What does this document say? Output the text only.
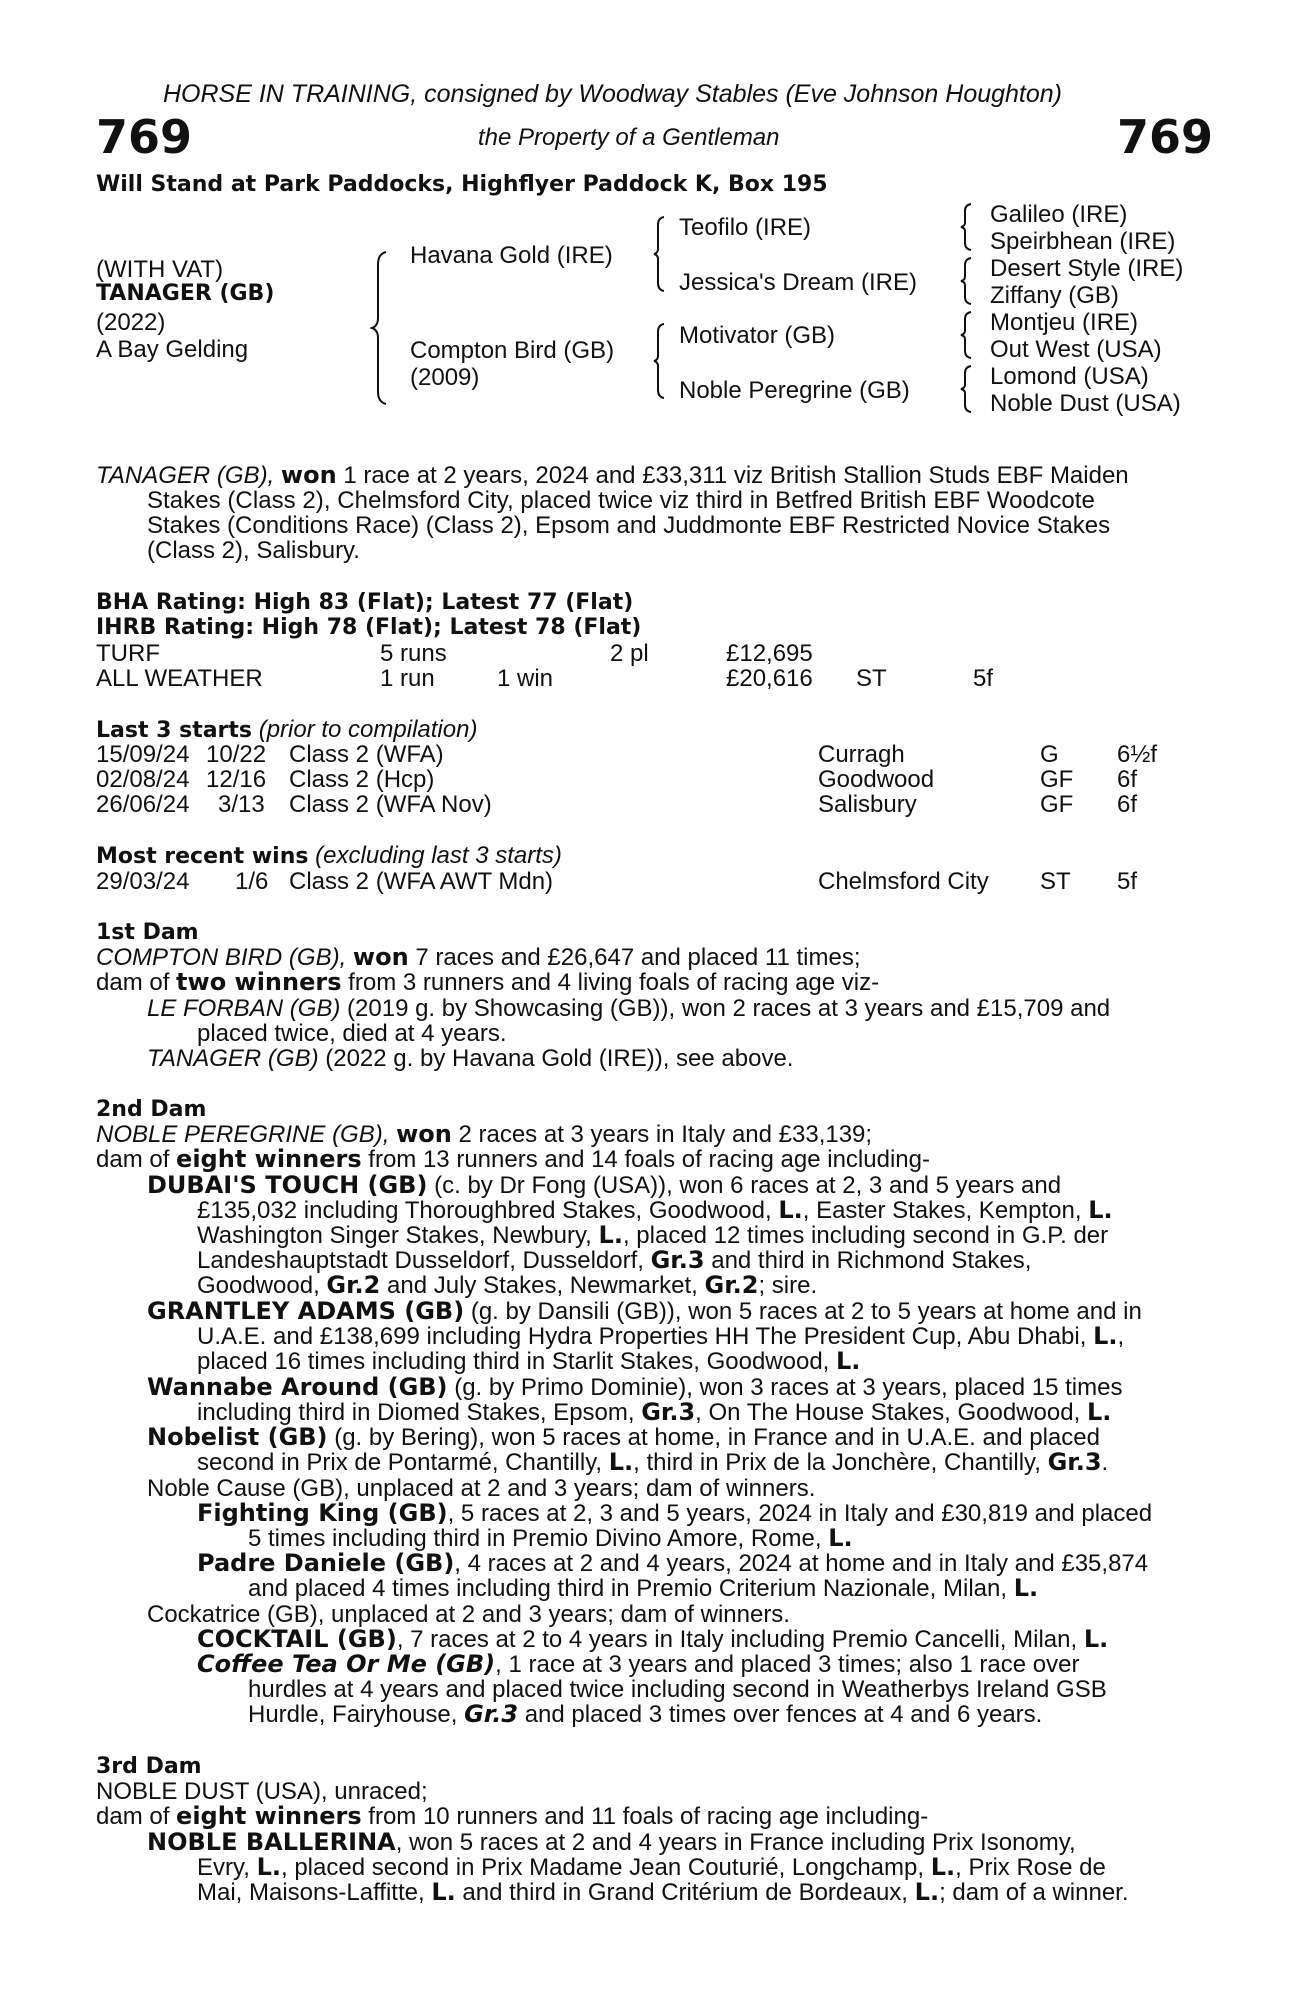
HORSE IN TRAINING, consigned by Woodway Stables (Eve Johnson Houghton)
769	the Property of a Gentleman	769
Will Stand at Park Paddocks, Highflyer Paddock K, Box 195
(WITH VAT)
TANAGER (GB)
(2022)
A Bay Gelding
Havana Gold (IRE)
Compton Bird (GB)
(2009)
Teofilo (IRE)
Jessica's Dream (IRE)
Motivator (GB)
Noble Peregrine (GB)
Galileo (IRE)
Speirbhean (IRE)
Desert Style (IRE)
Ziffany (GB)
Montjeu (IRE)
Out West (USA)
Lomond (USA)
Noble Dust (USA)
TANAGER (GB), won 1 race at 2 years, 2024 and £33,311 viz British Stallion Studs EBF Maiden
Stakes (Class 2), Chelmsford City, placed twice viz third in Betfred British EBF Woodcote
Stakes (Conditions Race) (Class 2), Epsom and Juddmonte EBF Restricted Novice Stakes
(Class 2), Salisbury.
BHA Rating: High 83 (Flat); Latest 77 (Flat)
IHRB Rating: High 78 (Flat); Latest 78 (Flat)
TURF	5 runs	2 pl	£12,695
ALL WEATHER	1 run	1 win	£20,616 ST	5f
Last 3 starts (prior to compilation)
15/09/24 10/22 Class 2 (WFA)	Curragh	G 6½f
02/08/24 12/16 Class 2 (Hcp)	Goodwood	GF 6f
26/06/24 3/13 Class 2 (WFA Nov)	Salisbury	GF 6f
Most recent wins (excluding last 3 starts)
29/03/24 1/6 Class 2 (WFA AWT Mdn)	Chelmsford City ST 5f
1st Dam
COMPTON BIRD (GB), won 7 races and £26,647 and placed 11 times;
dam of two winners from 3 runners and 4 living foals of racing age viz-
LE FORBAN (GB) (2019 g. by Showcasing (GB)), won 2 races at 3 years and £15,709 and
placed twice, died at 4 years.
TANAGER (GB) (2022 g. by Havana Gold (IRE)), see above.
2nd Dam
NOBLE PEREGRINE (GB), won 2 races at 3 years in Italy and £33,139;
dam of eight winners from 13 runners and 14 foals of racing age including-
DUBAI'S TOUCH (GB) (c. by Dr Fong (USA)), won 6 races at 2, 3 and 5 years and
£135,032 including Thoroughbred Stakes, Goodwood, L., Easter Stakes, Kempton, L.
Washington Singer Stakes, Newbury, L., placed 12 times including second in G.P. der
Landeshauptstadt Dusseldorf, Dusseldorf, Gr.3 and third in Richmond Stakes,
Goodwood, Gr.2 and July Stakes, Newmarket, Gr.2; sire.
GRANTLEY ADAMS (GB) (g. by Dansili (GB)), won 5 races at 2 to 5 years at home and in
U.A.E. and £138,699 including Hydra Properties HH The President Cup, Abu Dhabi, L.,
placed 16 times including third in Starlit Stakes, Goodwood, L.
Wannabe Around (GB) (g. by Primo Dominie), won 3 races at 3 years, placed 15 times
including third in Diomed Stakes, Epsom, Gr.3, On The House Stakes, Goodwood, L.
Nobelist (GB) (g. by Bering), won 5 races at home, in France and in U.A.E. and placed
second in Prix de Pontarmé, Chantilly, L., third in Prix de la Jonchère, Chantilly, Gr.3.
Noble Cause (GB), unplaced at 2 and 3 years; dam of winners.
Fighting King (GB), 5 races at 2, 3 and 5 years, 2024 in Italy and £30,819 and placed
5 times including third in Premio Divino Amore, Rome, L.
Padre Daniele (GB), 4 races at 2 and 4 years, 2024 at home and in Italy and £35,874
and placed 4 times including third in Premio Criterium Nazionale, Milan, L.
Cockatrice (GB), unplaced at 2 and 3 years; dam of winners.
COCKTAIL (GB), 7 races at 2 to 4 years in Italy including Premio Cancelli, Milan, L.
Coffee Tea Or Me (GB), 1 race at 3 years and placed 3 times; also 1 race over
hurdles at 4 years and placed twice including second in Weatherbys Ireland GSB
Hurdle, Fairyhouse, Gr.3 and placed 3 times over fences at 4 and 6 years.
3rd Dam
NOBLE DUST (USA), unraced;
dam of eight winners from 10 runners and 11 foals of racing age including-
NOBLE BALLERINA, won 5 races at 2 and 4 years in France including Prix Isonomy,
Evry, L., placed second in Prix Madame Jean Couturié, Longchamp, L., Prix Rose de
Mai, Maisons-Laffitte, L. and third in Grand Critérium de Bordeaux, L.; dam of a winner.
